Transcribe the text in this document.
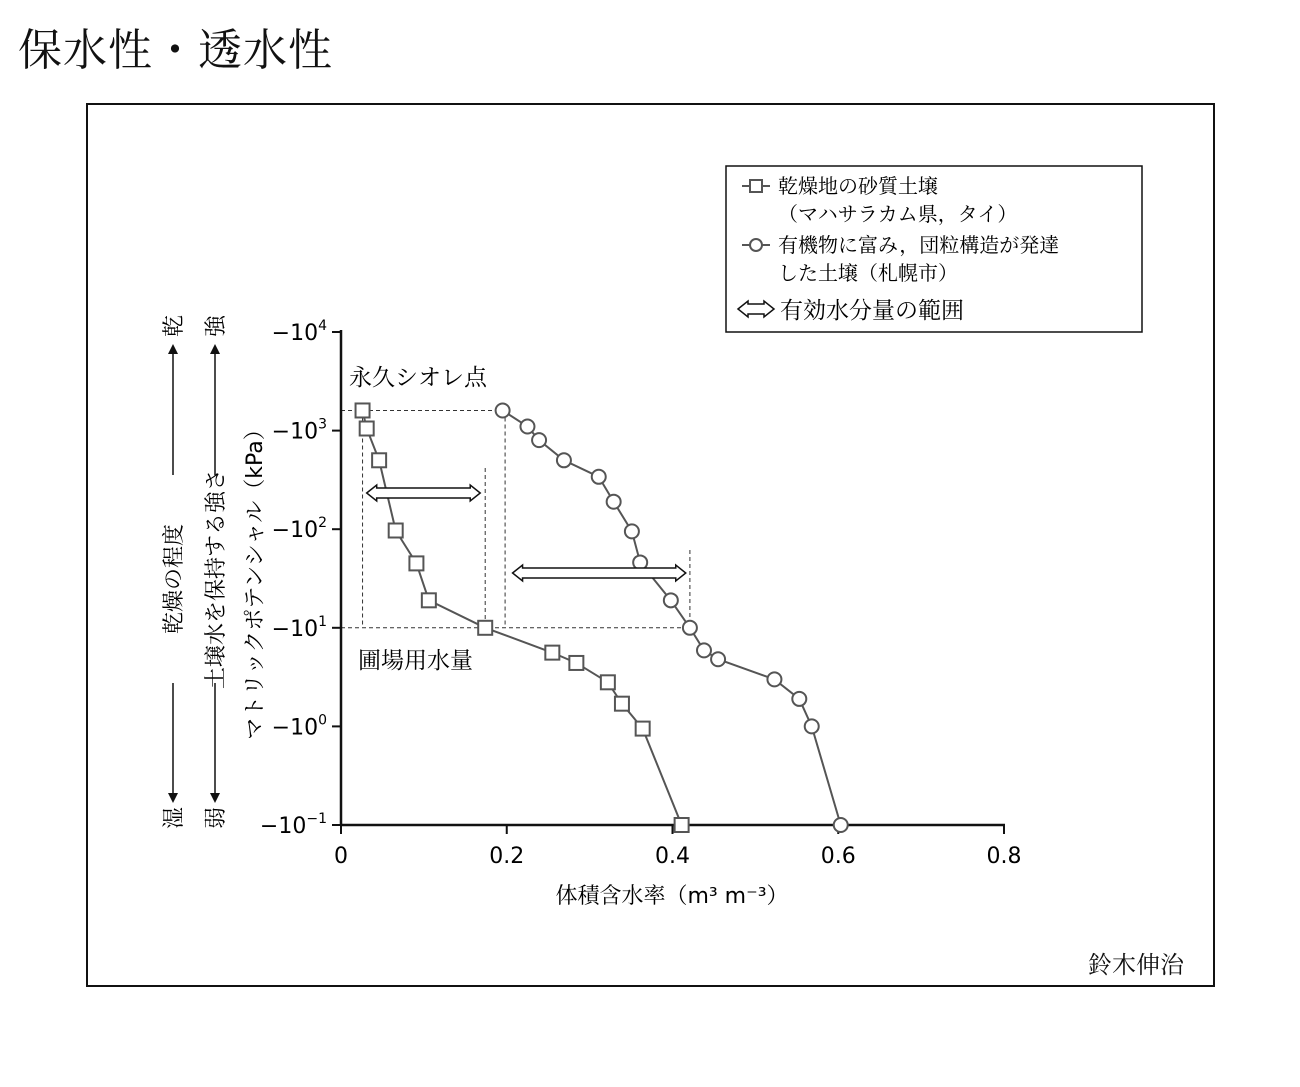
保水性・透水性
0	0.2	0.4	0.6	0.8
$-10^4$
$-10^3$
$-10^2$
$-10^1$
$-10^0$
$-10^{-1}$
体積含水率（m³ m⁻³）
マトリックポテンシャル（kPa）
乾燥の程度
乾
湿
土壌水を保持する強さ
強
弱
永久シオレ点
圃場用水量
乾燥地の砂質土壌
（マハサラカム県，タイ）
有機物に富み，団粒構造が発達
した土壌（札幌市）
有効水分量の範囲
鈴木伸治
